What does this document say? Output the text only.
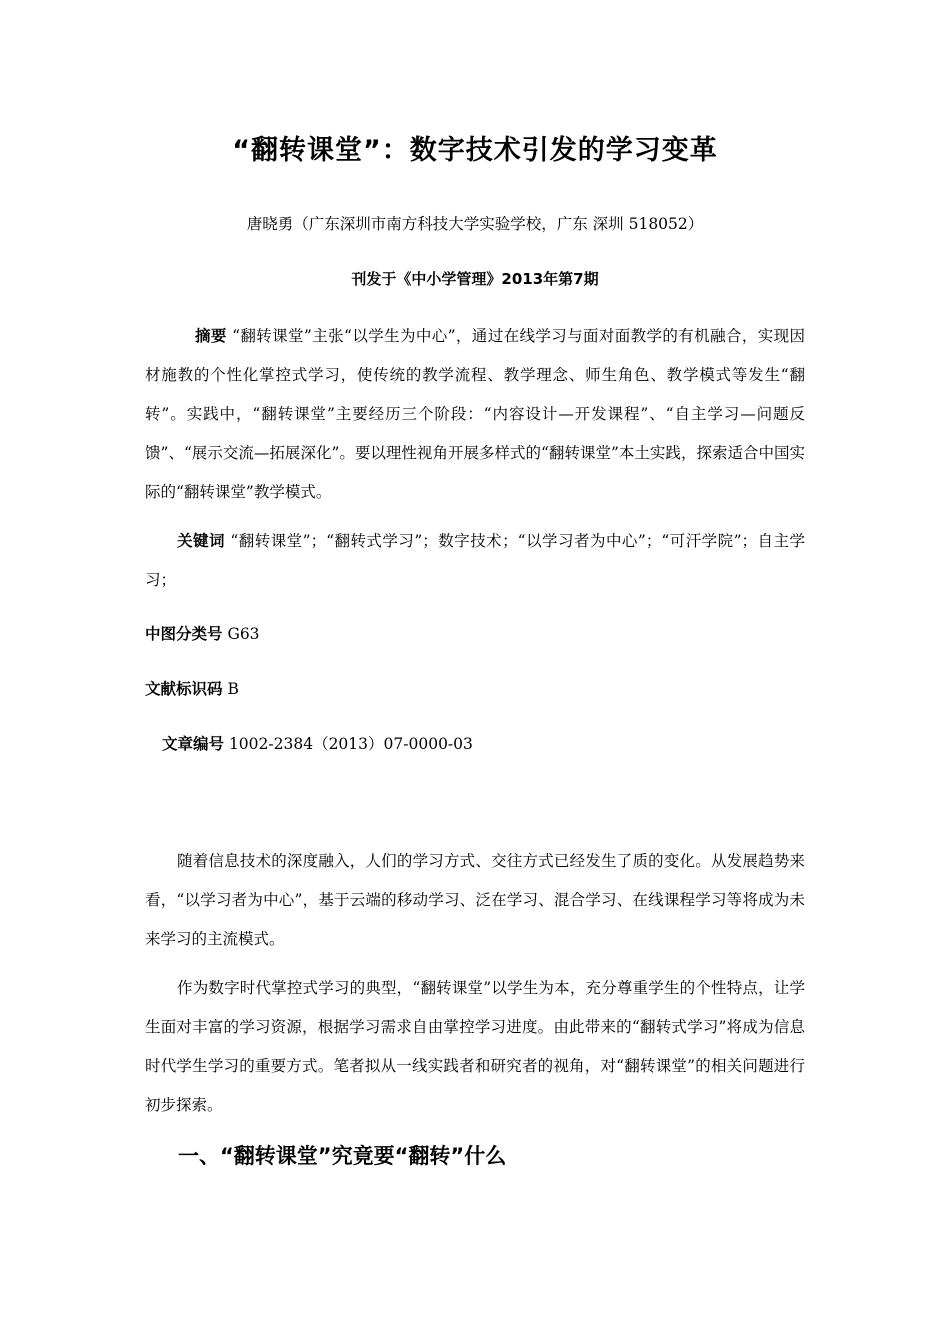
“翻转课堂”：数字技术引发的学习变革

唐晓勇（广东深圳市南方科技大学实验学校，广东 深圳 518052）

刊发于《中小学管理》2013年第7期

摘要 “翻转课堂”主张“以学生为中心”，通过在线学习与面对面教学的有机融合，实现因材施教的个性化掌控式学习，使传统的教学流程、教学理念、师生角色、教学模式等发生“翻转”。实践中，“翻转课堂”主要经历三个阶段：“内容设计—开发课程”、“自主学习—问题反馈”、“展示交流—拓展深化”。要以理性视角开展多样式的“翻转课堂”本土实践，探索适合中国实际的“翻转课堂”教学模式。

关键词 “翻转课堂”；“翻转式学习”；数字技术；“以学习者为中心”；“可汗学院”；自主学习；

中图分类号 G63

文献标识码 B

文章编号 1002-2384（2013）07-0000-03

随着信息技术的深度融入，人们的学习方式、交往方式已经发生了质的变化。从发展趋势来看，“以学习者为中心”，基于云端的移动学习、泛在学习、混合学习、在线课程学习等将成为未来学习的主流模式。

作为数字时代掌控式学习的典型，“翻转课堂”以学生为本，充分尊重学生的个性特点，让学生面对丰富的学习资源，根据学习需求自由掌控学习进度。由此带来的“翻转式学习”将成为信息时代学生学习的重要方式。笔者拟从一线实践者和研究者的视角，对“翻转课堂”的相关问题进行初步探索。

一、“翻转课堂”究竟要“翻转”什么
